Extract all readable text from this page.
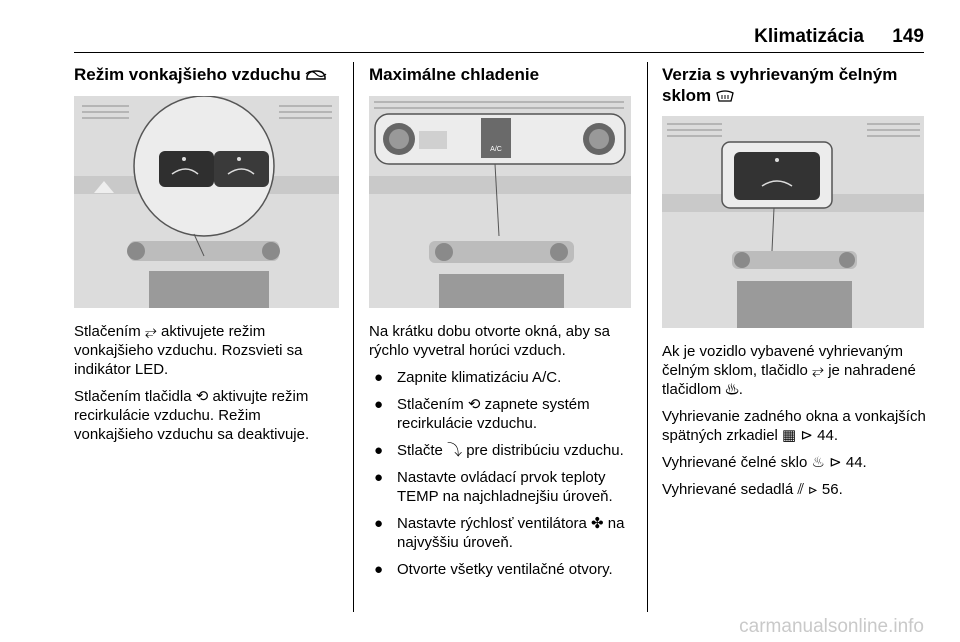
Klimatizácia 149
Režim vonkajšieho vzduchu

Stlačením ⥂ aktivujete režim vonkajšieho vzduchu. Rozsvieti sa indikátor LED.

Stlačením tlačidla ⟲ aktivujte režim recirkulácie vzduchu. Režim vonkajšieho vzduchu sa deaktivuje.

Maximálne chladenie
A/C

Na krátku dobu otvorte okná, aby sa rýchlo vyvetral horúci vzduch.

● Zapnite klimatizáciu A/C.
● Stlačením ⟲ zapnete systém recirkulácie vzduchu.
● Stlačte ⤵ pre distribúciu vzduchu.
● Nastavte ovládací prvok teploty TEMP na najchladnejšiu úroveň.
● Nastavte rýchlosť ventilátora ✤ na najvyššiu úroveň.
● Otvorte všetky ventilačné otvory.
Verzia s vyhrievaným čelným
sklom

Ak je vozidlo vybavené vyhrievaným čelným sklom, tlačidlo ⥂ je nahradené tlačidlom ♨.

Vyhrievanie zadného okna a vonkajších spätných zrkadiel ▦ ⊳ 44.

Vyhrievané čelné sklo ♨ ⊳ 44.

Vyhrievané sedadlá ⫽ ⊳ 56.

carmanualsonline.info
